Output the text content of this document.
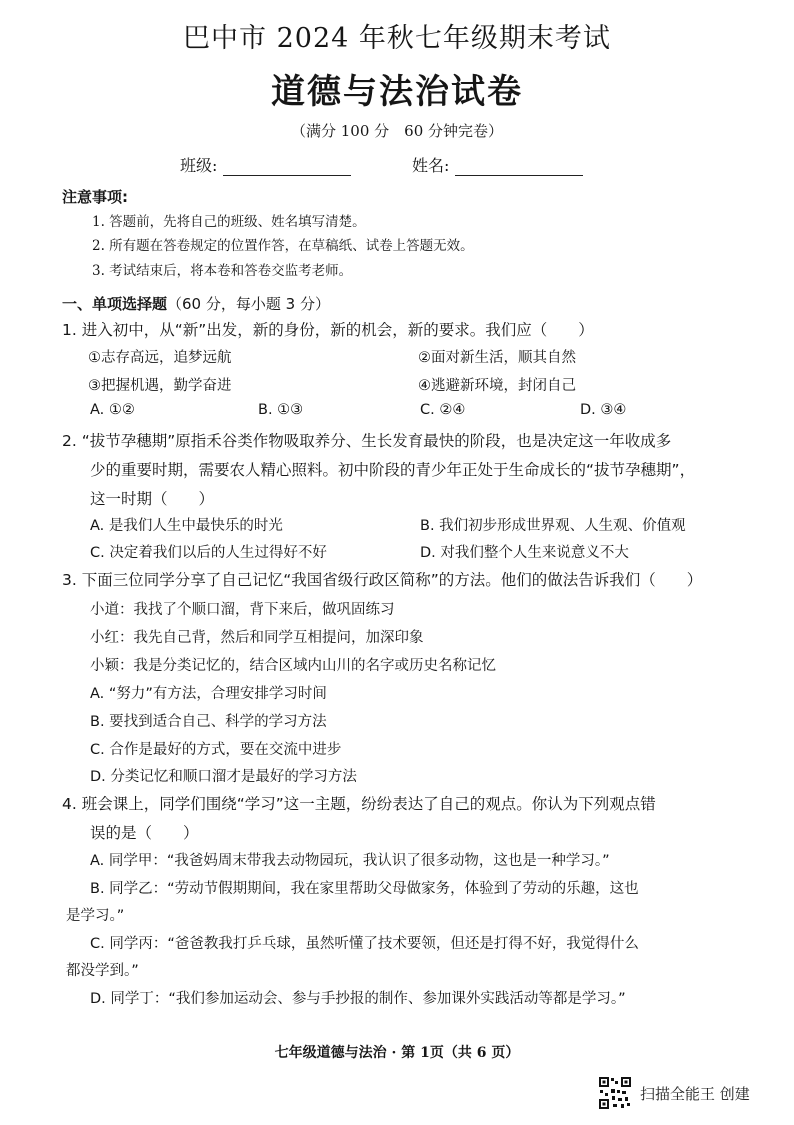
巴中市 2024 年秋七年级期末考试
道德与法治试卷
（满分 100 分　60 分钟完卷）
班级:	姓名:
注意事项:
1. 答题前，先将自己的班级、姓名填写清楚。
2. 所有题在答卷规定的位置作答，在草稿纸、试卷上答题无效。
3. 考试结束后，将本卷和答卷交监考老师。
一、单项选择题（60 分，每小题 3 分）
1. 进入初中，从“新”出发，新的身份，新的机会，新的要求。我们应（　　）
①志存高远，追梦远航	②面对新生活，顺其自然
③把握机遇，勤学奋进	④逃避新环境，封闭自己
A. ①②	B. ①③	C. ②④	D. ③④
2. “拔节孕穗期”原指禾谷类作物吸取养分、生长发育最快的阶段，也是决定这一年收成多
少的重要时期，需要农人精心照料。初中阶段的青少年正处于生命成长的“拔节孕穗期”，
这一时期（　　）
A. 是我们人生中最快乐的时光	B. 我们初步形成世界观、人生观、价值观
C. 决定着我们以后的人生过得好不好	D. 对我们整个人生来说意义不大
3. 下面三位同学分享了自己记忆“我国省级行政区简称”的方法。他们的做法告诉我们（　　）
小道：我找了个顺口溜，背下来后，做巩固练习
小红：我先自己背，然后和同学互相提问，加深印象
小颖：我是分类记忆的，结合区域内山川的名字或历史名称记忆
A. “努力”有方法，合理安排学习时间
B. 要找到适合自己、科学的学习方法
C. 合作是最好的方式，要在交流中进步
D. 分类记忆和顺口溜才是最好的学习方法
4. 班会课上，同学们围绕“学习”这一主题，纷纷表达了自己的观点。你认为下列观点错
误的是（　　）
A. 同学甲：“我爸妈周末带我去动物园玩，我认识了很多动物，这也是一种学习。”
B. 同学乙：“劳动节假期期间，我在家里帮助父母做家务，体验到了劳动的乐趣，这也
是学习。”
C. 同学丙：“爸爸教我打乒乓球，虽然听懂了技术要领，但还是打得不好，我觉得什么
都没学到。”
D. 同学丁：“我们参加运动会、参与手抄报的制作、参加课外实践活动等都是学习。”
七年级道德与法治 · 第 1页（共 6 页）
扫描全能王 创建
